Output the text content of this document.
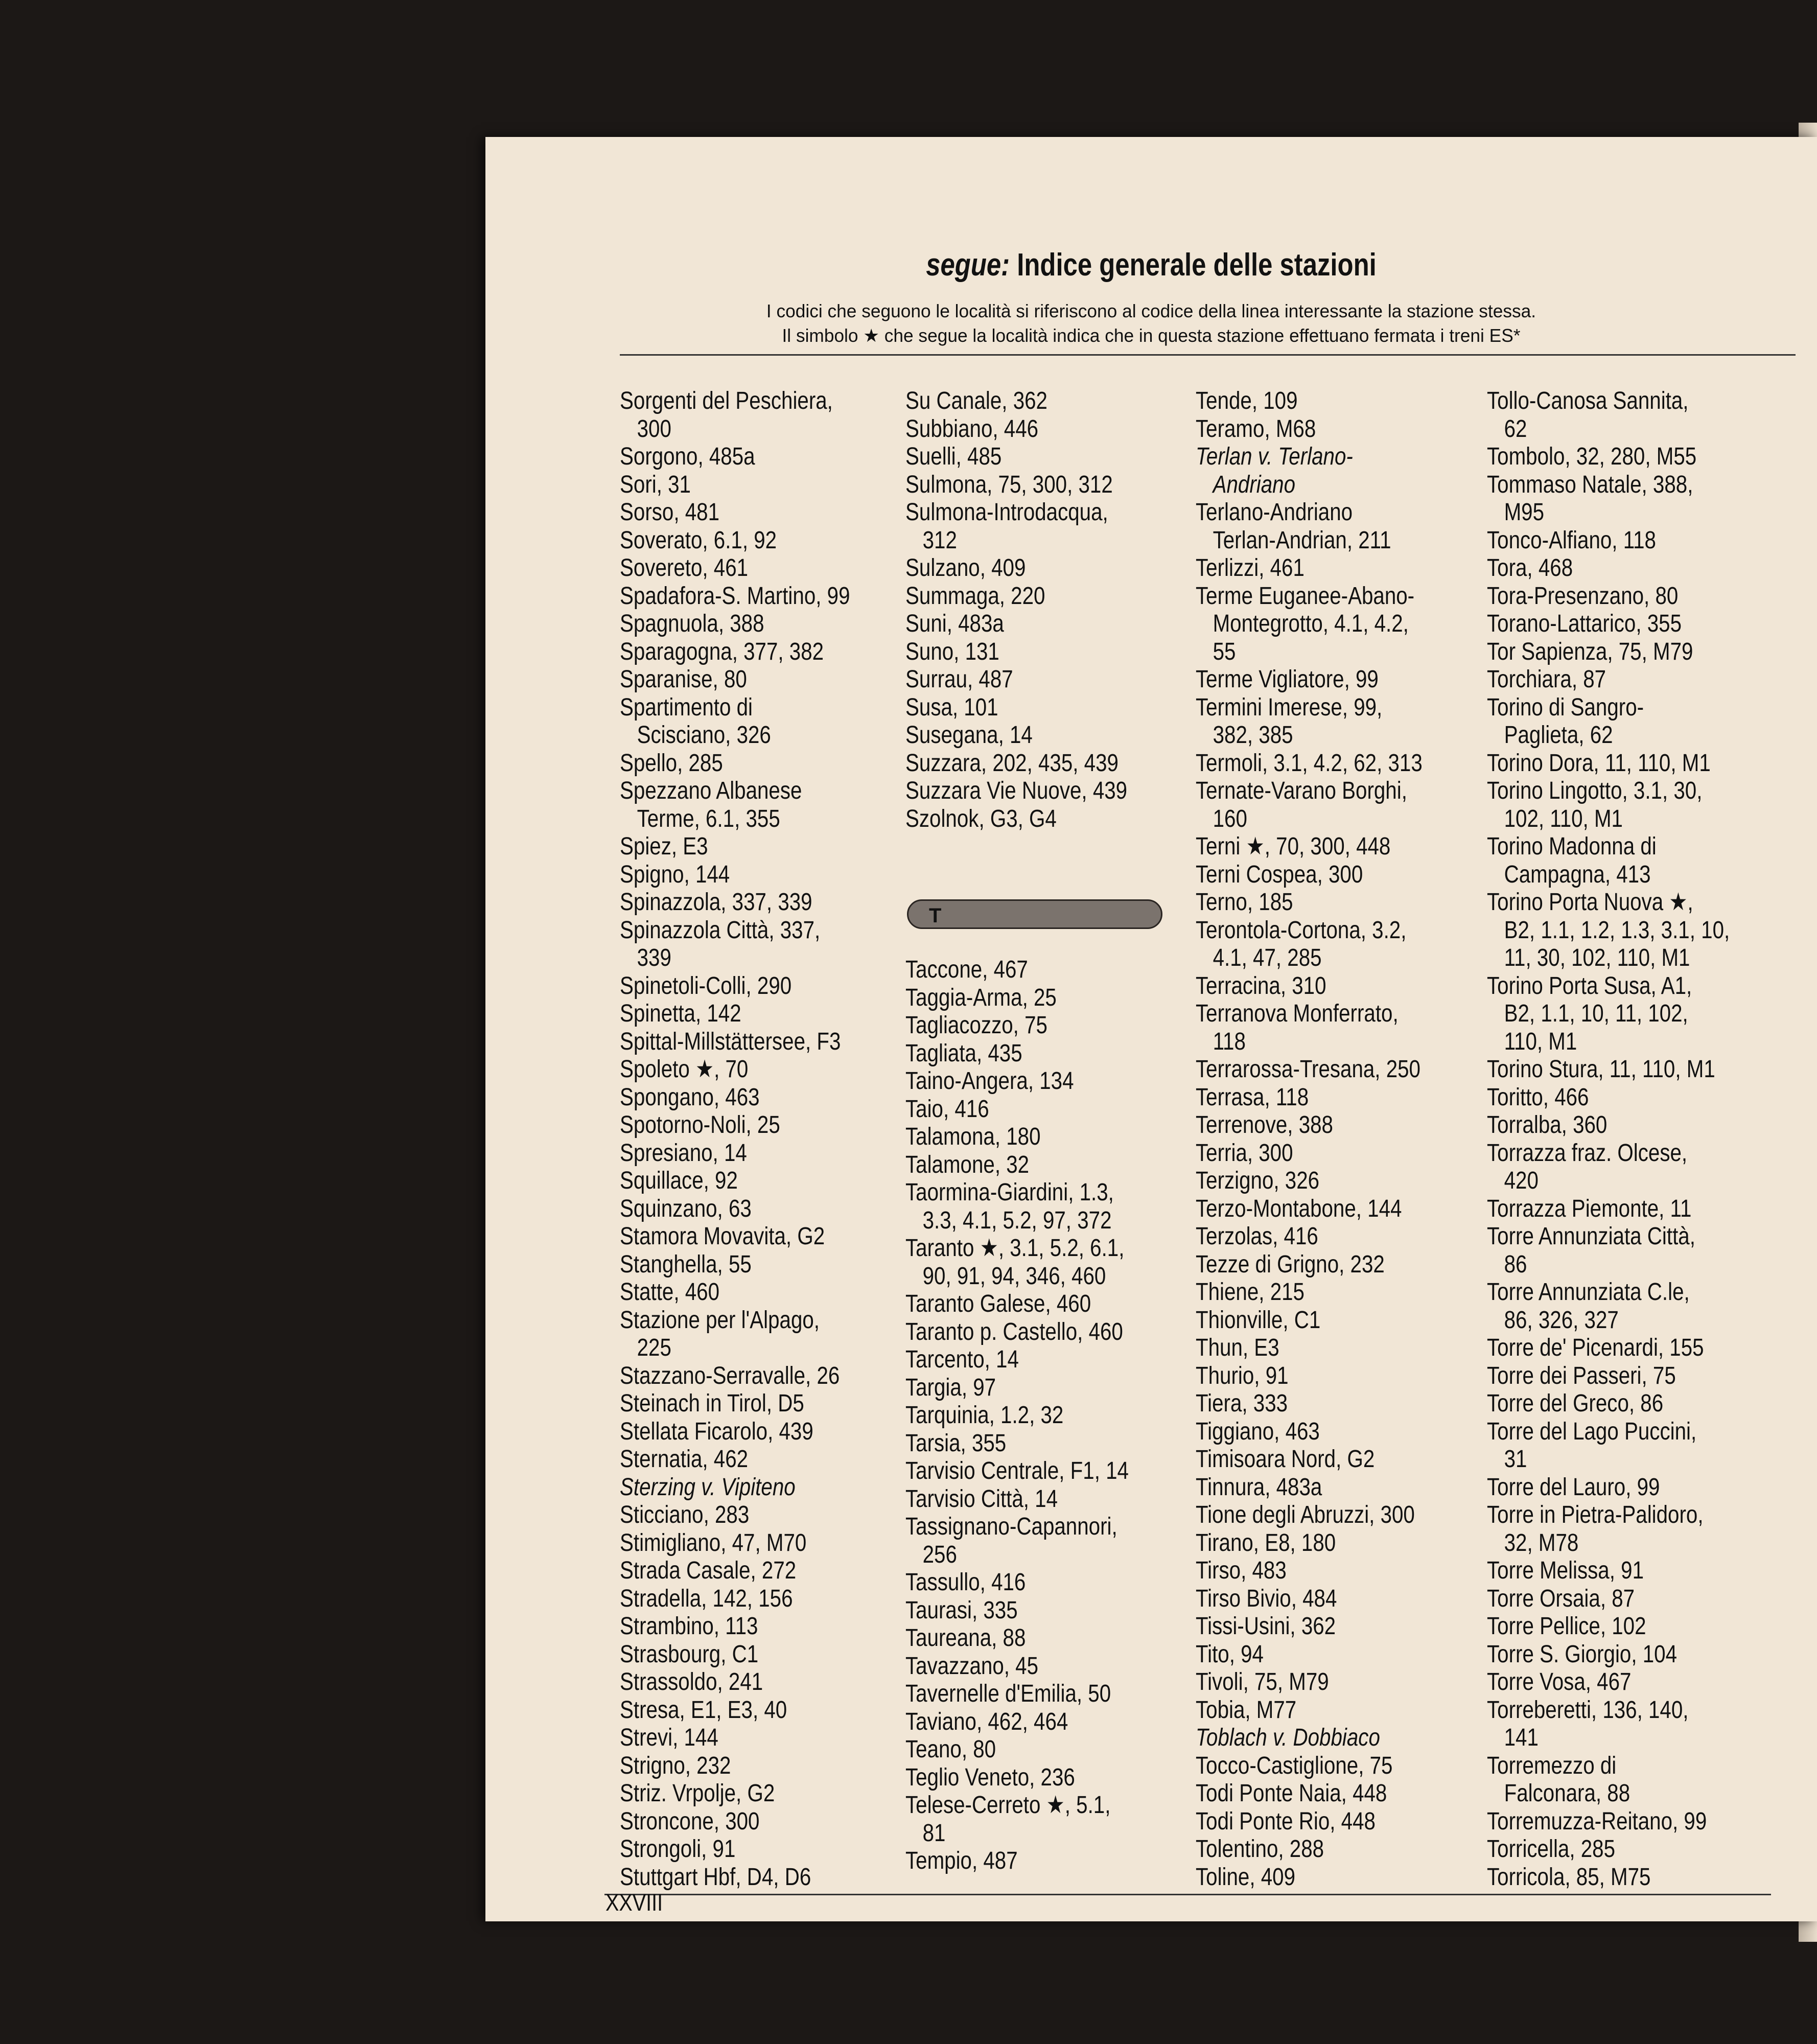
segue: Indice generale delle stazioni
I codici che seguono le località si riferiscono al codice della linea interessante la stazione stessa.
Il simbolo ★ che segue la località indica che in questa stazione effettuano fermata i treni ES*
Sorgenti del Peschiera,
300
Sorgono, 485a
Sori, 31
Sorso, 481
Soverato, 6.1, 92
Sovereto, 461
Spadafora-S. Martino, 99
Spagnuola, 388
Sparagogna, 377, 382
Sparanise, 80
Spartimento di
Scisciano, 326
Spello, 285
Spezzano Albanese
Terme, 6.1, 355
Spiez, E3
Spigno, 144
Spinazzola, 337, 339
Spinazzola Città, 337,
339
Spinetoli-Colli, 290
Spinetta, 142
Spittal-Millstättersee, F3
Spoleto ★, 70
Spongano, 463
Spotorno-Noli, 25
Spresiano, 14
Squillace, 92
Squinzano, 63
Stamora Movavita, G2
Stanghella, 55
Statte, 460
Stazione per l'Alpago,
225
Stazzano-Serravalle, 26
Steinach in Tirol, D5
Stellata Ficarolo, 439
Sternatia, 462
Sterzing v. Vipiteno
Sticciano, 283
Stimigliano, 47, M70
Strada Casale, 272
Stradella, 142, 156
Strambino, 113
Strasbourg, C1
Strassoldo, 241
Stresa, E1, E3, 40
Strevi, 144
Strigno, 232
Striz. Vrpolje, G2
Stroncone, 300
Strongoli, 91
Stuttgart Hbf, D4, D6
Su Canale, 362
Subbiano, 446
Suelli, 485
Sulmona, 75, 300, 312
Sulmona-Introdacqua,
312
Sulzano, 409
Summaga, 220
Suni, 483a
Suno, 131
Surrau, 487
Susa, 101
Susegana, 14
Suzzara, 202, 435, 439
Suzzara Vie Nuove, 439
Szolnok, G3, G4
T
Taccone, 467
Taggia-Arma, 25
Tagliacozzo, 75
Tagliata, 435
Taino-Angera, 134
Taio, 416
Talamona, 180
Talamone, 32
Taormina-Giardini, 1.3,
3.3, 4.1, 5.2, 97, 372
Taranto ★, 3.1, 5.2, 6.1,
90, 91, 94, 346, 460
Taranto Galese, 460
Taranto p. Castello, 460
Tarcento, 14
Targia, 97
Tarquinia, 1.2, 32
Tarsia, 355
Tarvisio Centrale, F1, 14
Tarvisio Città, 14
Tassignano-Capannori,
256
Tassullo, 416
Taurasi, 335
Taureana, 88
Tavazzano, 45
Tavernelle d'Emilia, 50
Taviano, 462, 464
Teano, 80
Teglio Veneto, 236
Telese-Cerreto ★, 5.1,
81
Tempio, 487
Tende, 109
Teramo, M68
Terlan v. Terlano-
Andriano
Terlano-Andriano
Terlan-Andrian, 211
Terlizzi, 461
Terme Euganee-Abano-
Montegrotto, 4.1, 4.2,
55
Terme Vigliatore, 99
Termini Imerese, 99,
382, 385
Termoli, 3.1, 4.2, 62, 313
Ternate-Varano Borghi,
160
Terni ★, 70, 300, 448
Terni Cospea, 300
Terno, 185
Terontola-Cortona, 3.2,
4.1, 47, 285
Terracina, 310
Terranova Monferrato,
118
Terrarossa-Tresana, 250
Terrasa, 118
Terrenove, 388
Terria, 300
Terzigno, 326
Terzo-Montabone, 144
Terzolas, 416
Tezze di Grigno, 232
Thiene, 215
Thionville, C1
Thun, E3
Thurio, 91
Tiera, 333
Tiggiano, 463
Timisoara Nord, G2
Tinnura, 483a
Tione degli Abruzzi, 300
Tirano, E8, 180
Tirso, 483
Tirso Bivio, 484
Tissi-Usini, 362
Tito, 94
Tivoli, 75, M79
Tobia, M77
Toblach v. Dobbiaco
Tocco-Castiglione, 75
Todi Ponte Naia, 448
Todi Ponte Rio, 448
Tolentino, 288
Toline, 409
Tollo-Canosa Sannita,
62
Tombolo, 32, 280, M55
Tommaso Natale, 388,
M95
Tonco-Alfiano, 118
Tora, 468
Tora-Presenzano, 80
Torano-Lattarico, 355
Tor Sapienza, 75, M79
Torchiara, 87
Torino di Sangro-
Paglieta, 62
Torino Dora, 11, 110, M1
Torino Lingotto, 3.1, 30,
102, 110, M1
Torino Madonna di
Campagna, 413
Torino Porta Nuova ★,
B2, 1.1, 1.2, 1.3, 3.1, 10,
11, 30, 102, 110, M1
Torino Porta Susa, A1,
B2, 1.1, 10, 11, 102,
110, M1
Torino Stura, 11, 110, M1
Toritto, 466
Torralba, 360
Torrazza fraz. Olcese,
420
Torrazza Piemonte, 11
Torre Annunziata Città,
86
Torre Annunziata C.le,
86, 326, 327
Torre de' Picenardi, 155
Torre dei Passeri, 75
Torre del Greco, 86
Torre del Lago Puccini,
31
Torre del Lauro, 99
Torre in Pietra-Palidoro,
32, M78
Torre Melissa, 91
Torre Orsaia, 87
Torre Pellice, 102
Torre S. Giorgio, 104
Torre Vosa, 467
Torreberetti, 136, 140,
141
Torremezzo di
Falconara, 88
Torremuzza-Reitano, 99
Torricella, 285
Torricola, 85, M75
XXVIII
